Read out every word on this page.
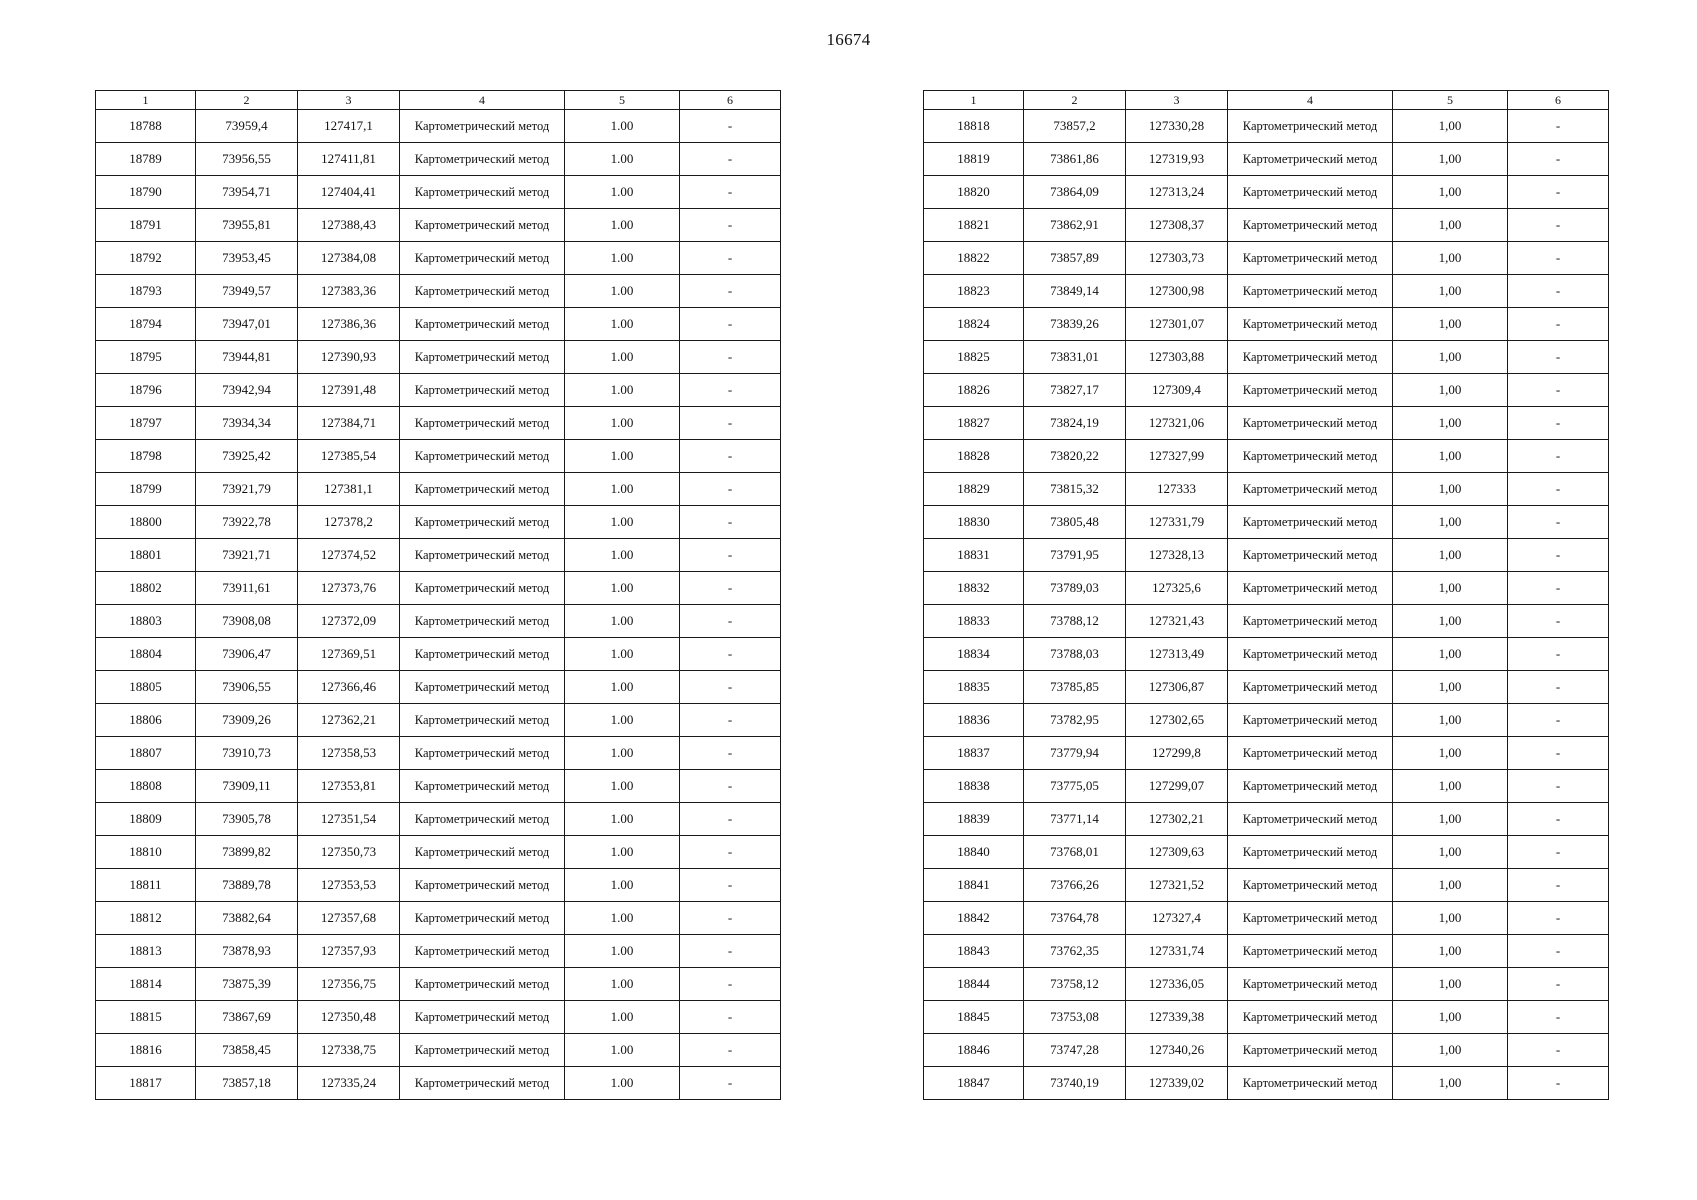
16674
1	2	3	4	5	6
18788	73959,4	127417,1	Картометрический метод	1.00	-
18789	73956,55	127411,81	Картометрический метод	1.00	-
18790	73954,71	127404,41	Картометрический метод	1.00	-
18791	73955,81	127388,43	Картометрический метод	1.00	-
18792	73953,45	127384,08	Картометрический метод	1.00	-
18793	73949,57	127383,36	Картометрический метод	1.00	-
18794	73947,01	127386,36	Картометрический метод	1.00	-
18795	73944,81	127390,93	Картометрический метод	1.00	-
18796	73942,94	127391,48	Картометрический метод	1.00	-
18797	73934,34	127384,71	Картометрический метод	1.00	-
18798	73925,42	127385,54	Картометрический метод	1.00	-
18799	73921,79	127381,1	Картометрический метод	1.00	-
18800	73922,78	127378,2	Картометрический метод	1.00	-
18801	73921,71	127374,52	Картометрический метод	1.00	-
18802	73911,61	127373,76	Картометрический метод	1.00	-
18803	73908,08	127372,09	Картометрический метод	1.00	-
18804	73906,47	127369,51	Картометрический метод	1.00	-
18805	73906,55	127366,46	Картометрический метод	1.00	-
18806	73909,26	127362,21	Картометрический метод	1.00	-
18807	73910,73	127358,53	Картометрический метод	1.00	-
18808	73909,11	127353,81	Картометрический метод	1.00	-
18809	73905,78	127351,54	Картометрический метод	1.00	-
18810	73899,82	127350,73	Картометрический метод	1.00	-
18811	73889,78	127353,53	Картометрический метод	1.00	-
18812	73882,64	127357,68	Картометрический метод	1.00	-
18813	73878,93	127357,93	Картометрический метод	1.00	-
18814	73875,39	127356,75	Картометрический метод	1.00	-
18815	73867,69	127350,48	Картометрический метод	1.00	-
18816	73858,45	127338,75	Картометрический метод	1.00	-
18817	73857,18	127335,24	Картометрический метод	1.00	-
1	2	3	4	5	6
18818	73857,2	127330,28	Картометрический метод	1,00	-
18819	73861,86	127319,93	Картометрический метод	1,00	-
18820	73864,09	127313,24	Картометрический метод	1,00	-
18821	73862,91	127308,37	Картометрический метод	1,00	-
18822	73857,89	127303,73	Картометрический метод	1,00	-
18823	73849,14	127300,98	Картометрический метод	1,00	-
18824	73839,26	127301,07	Картометрический метод	1,00	-
18825	73831,01	127303,88	Картометрический метод	1,00	-
18826	73827,17	127309,4	Картометрический метод	1,00	-
18827	73824,19	127321,06	Картометрический метод	1,00	-
18828	73820,22	127327,99	Картометрический метод	1,00	-
18829	73815,32	127333	Картометрический метод	1,00	-
18830	73805,48	127331,79	Картометрический метод	1,00	-
18831	73791,95	127328,13	Картометрический метод	1,00	-
18832	73789,03	127325,6	Картометрический метод	1,00	-
18833	73788,12	127321,43	Картометрический метод	1,00	-
18834	73788,03	127313,49	Картометрический метод	1,00	-
18835	73785,85	127306,87	Картометрический метод	1,00	-
18836	73782,95	127302,65	Картометрический метод	1,00	-
18837	73779,94	127299,8	Картометрический метод	1,00	-
18838	73775,05	127299,07	Картометрический метод	1,00	-
18839	73771,14	127302,21	Картометрический метод	1,00	-
18840	73768,01	127309,63	Картометрический метод	1,00	-
18841	73766,26	127321,52	Картометрический метод	1,00	-
18842	73764,78	127327,4	Картометрический метод	1,00	-
18843	73762,35	127331,74	Картометрический метод	1,00	-
18844	73758,12	127336,05	Картометрический метод	1,00	-
18845	73753,08	127339,38	Картометрический метод	1,00	-
18846	73747,28	127340,26	Картометрический метод	1,00	-
18847	73740,19	127339,02	Картометрический метод	1,00	-
